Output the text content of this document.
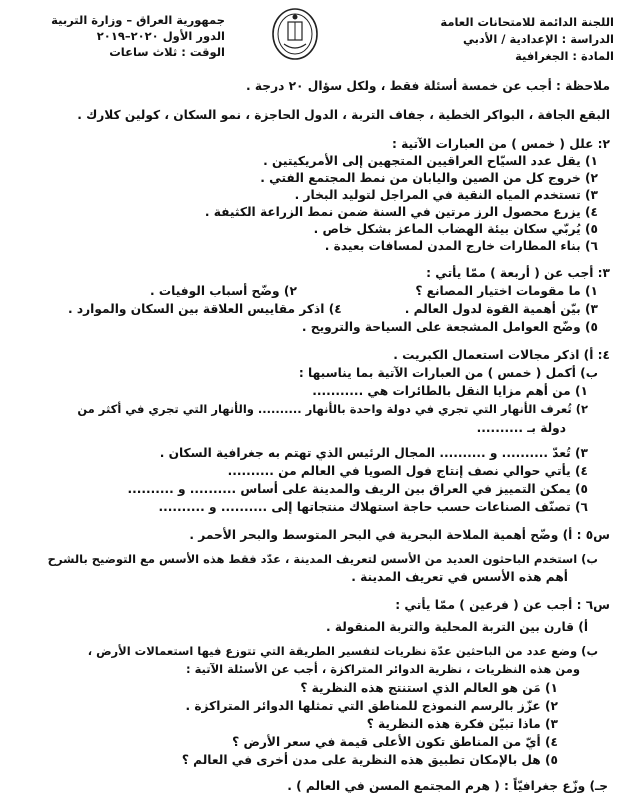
اللجنة الدائمة للامتحانات العامة
الدراسة : الإعدادية / الأدبي
المادة : الجغرافية
جمهورية العراق – وزارة التربية
الدور الأول ٢٠٢٠–٢٠١٩
الوقت : ثلاث ساعات
ملاحظة : أجب عن خمسة أسئلة فقط ، ولكل سؤال ٢٠ درجة .
البقع الجافة ، البواكر الخطية ، جفاف التربة ، الدول الحاجزة ، نمو السكان ، كولين كلارك .
٢: علل ( خمس ) من العبارات الآتية :
١) يقل عدد السيّاح العراقيين المتجهين إلى الأمريكيتين .
٢) خروج كل من الصين واليابان من نمط المجتمع الفتي .
٣) تستخدم المياه النقية في المراجل لتوليد البخار .
٤) يزرع محصول الرز مرتين في السنة ضمن نمط الزراعة الكثيفة .
٥) يُربّي سكان بيئة الهضاب الماعز بشكل خاص .
٦) بناء المطارات خارج المدن لمسافات بعيدة .
٣: أجب عن ( أربعة ) ممّا يأتي :
١) ما مقومات اختيار المصانع ؟
٢) وضّح أسباب الوفيات .
٣) بيّن أهمية القوة لدول العالم .
٤) اذكر مقاييس العلاقة بين السكان والموارد .
٥) وضّح العوامل المشجعة على السياحة والترويح .
٤: أ) اذكر مجالات استعمال الكبريت .
ب) أكمل ( خمس ) من العبارات الآتية بما يناسبها :
١) من أهم مزايا النقل بالطائرات هي ...........
٢) تُعرف الأنهار التي تجري في دولة واحدة بالأنهار .......... والأنهار التي تجري في أكثر من
دولة بـ ..........
٣) تُعدّ .......... و .......... المجال الرئيس الذي تهتم به جغرافية السكان .
٤) يأتي حوالي نصف إنتاج فول الصويا في العالم من ..........
٥) يمكن التمييز في العراق بين الريف والمدينة على أساس .......... و ..........
٦) تصنّف الصناعات حسب حاجة استهلاك منتجاتها إلى .......... و ..........
س٥ : أ) وضّح أهمية الملاحة البحرية في البحر المتوسط والبحر الأحمر .
ب) استخدم الباحثون العديد من الأسس لتعريف المدينة ، عدّد فقط هذه الأسس مع التوضيح بالشرح
أهم هذه الأسس في تعريف المدينة .
س٦ : أجب عن ( فرعين ) ممّا يأتي :
أ) قارن بين التربة المحلية والتربة المنقولة .
ب) وضع عدد من الباحثين عدّة نظريات لتفسير الطريقة التي تتوزع فيها استعمالات الأرض ،
ومن هذه النظريات ، نظرية الدوائر المتراكزة ، أجب عن الأسئلة الآتية :
١) مَن هو العالم الذي استنتج هذه النظرية ؟
٢) عزّز بالرسم النموذج للمناطق التي تمثلها الدوائر المتراكزة .
٣) ماذا تبيّن فكرة هذه النظرية ؟
٤) أيّ من المناطق تكون الأعلى قيمة في سعر الأرض ؟
٥) هل بالإمكان تطبيق هذه النظرية على مدن أخرى في العالم ؟
جـ) وزّع جغرافيّاً : ( هرم المجتمع المسن في العالم ) .
